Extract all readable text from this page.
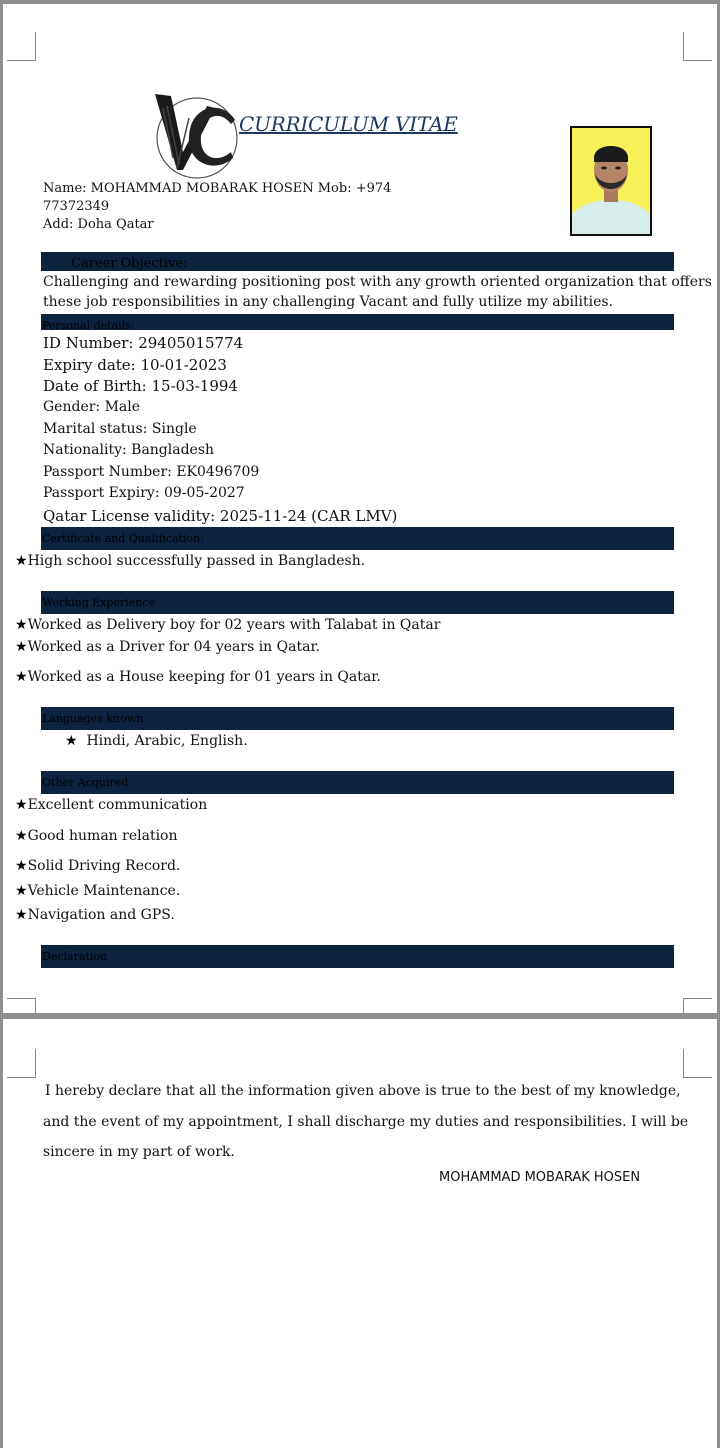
CURRICULUM VITAE
Name: MOHAMMAD MOBARAK HOSEN Mob: +974
77372349
Add: Doha Qatar
Career Objective:
Challenging and rewarding positioning post with any growth oriented organization that offers
these job responsibilities in any challenging Vacant and fully utilize my abilities.
Personal details:
ID Number: 29405015774
Expiry date: 10-01-2023
Date of Birth: 15-03-1994
Gender: Male
Marital status: Single
Nationality: Bangladesh
Passport Number: EK0496709
Passport Expiry: 09-05-2027
Qatar License validity: 2025-11-24 (CAR LMV)
Certificate and Qualification:
★High school successfully passed in Bangladesh.
Working Experience
★Worked as Delivery boy for 02 years with Talabat in Qatar
★Worked as a Driver for 04 years in Qatar.
★Worked as a House keeping for 01 years in Qatar.
Languages known
★ Hindi, Arabic, English.
Other Acquired
★Excellent communication
★Good human relation
★Solid Driving Record.
★Vehicle Maintenance.
★Navigation and GPS.
Declaration
I hereby declare that all the information given above is true to the best of my knowledge,
and the event of my appointment, I shall discharge my duties and responsibilities. I will be
sincere in my part of work.
MOHAMMAD MOBARAK HOSEN
